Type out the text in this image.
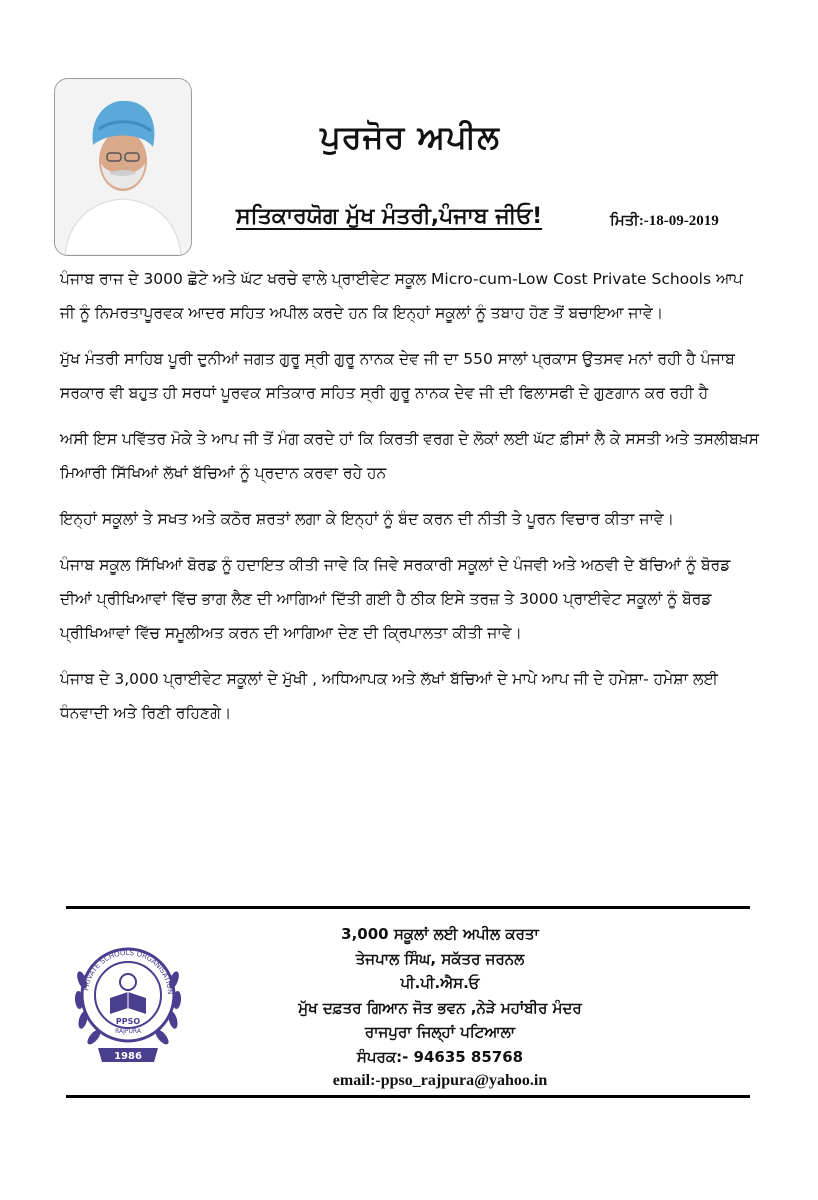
ਪੁਰਜੋਰ ਅਪੀਲ
ਸਤਿਕਾਰਯੋਗ ਮੁੱਖ ਮੰਤਰੀ,ਪੰਜਾਬ ਜੀਓ!	ਮਿਤੀ:-18-09-2019

ਪੰਜਾਬ ਰਾਜ ਦੇ 3000 ਛੋਟੇ ਅਤੇ ਘੱਟ ਖਰਚੇ ਵਾਲੇ ਪ੍ਰਾਈਵੇਟ ਸਕੂਲ Micro-cum-Low Cost Private Schools ਆਪ ਜੀ ਨੂੰ ਨਿਮਰਤਾਪੂਰਵਕ ਆਦਰ ਸਹਿਤ ਅਪੀਲ ਕਰਦੇ ਹਨ ਕਿ ਇਨ੍ਹਾਂ ਸਕੂਲਾਂ ਨੂੰ ਤਬਾਹ ਹੋਣ ਤੋਂ ਬਚਾਇਆ ਜਾਵੇ।

ਮੁੱਖ ਮੰਤਰੀ ਸਾਹਿਬ ਪੂਰੀ ਦੁਨੀਆਂ ਜਗਤ ਗੁਰੂ ਸ੍ਰੀ ਗੁਰੂ ਨਾਨਕ ਦੇਵ ਜੀ ਦਾ 550 ਸਾਲਾਂ ਪ੍ਰਕਾਸ ਉਤਸਵ ਮਨਾਂ ਰਹੀ ਹੈ ਪੰਜਾਬ ਸਰਕਾਰ ਵੀ ਬਹੁਤ ਹੀ ਸਰਧਾਂ ਪੂਰਵਕ ਸਤਿਕਾਰ ਸਹਿਤ ਸ੍ਰੀ ਗੁਰੂ ਨਾਨਕ ਦੇਵ ਜੀ ਦੀ ਫਿਲਾਸਫੀ ਦੇ ਗੁਣਗਾਨ ਕਰ ਰਹੀ ਹੈ

ਅਸੀ ਇਸ ਪਵਿੱਤਰ ਮੋਕੇ ਤੇ ਆਪ ਜੀ ਤੋਂ ਮੰਗ ਕਰਦੇ ਹਾਂ ਕਿ ਕਿਰਤੀ ਵਰਗ ਦੇ ਲੋਕਾਂ ਲਈ ਘੱਟ ਫ਼ੀਸਾਂ ਲੈ ਕੇ ਸਸਤੀ ਅਤੇ ਤਸਲੀਬਖ਼ਸ ਮਿਆਰੀ ਸਿੱਖਿਆਂ ਲੱਖਾਂ ਬੱਚਿਆਂ ਨੂੰ ਪ੍ਰਦਾਨ ਕਰਵਾ ਰਹੇ ਹਨ

ਇਨ੍ਹਾਂ ਸਕੂਲਾਂ ਤੇ ਸਖਤ ਅਤੇ ਕਠੋਰ ਸ਼ਰਤਾਂ ਲਗਾ ਕੇ ਇਨ੍ਹਾਂ ਨੂੰ ਬੰਦ ਕਰਨ ਦੀ ਨੀਤੀ ਤੇ ਪੂਰਨ ਵਿਚਾਰ ਕੀਤਾ ਜਾਵੇ।

ਪੰਜਾਬ ਸਕੂਲ ਸਿੱਖਿਆਂ ਬੋਰਡ ਨੂੰ ਹਦਾਇਤ ਕੀਤੀ ਜਾਵੇ ਕਿ ਜਿਵੇ ਸਰਕਾਰੀ ਸਕੂਲਾਂ ਦੇ ਪੰਜਵੀ ਅਤੇ ਅਠਵੀ ਦੇ ਬੱਚਿਆਂ ਨੂੰ ਬੋਰਡ ਦੀਆਂ ਪ੍ਰੀਖਿਆਵਾਂ ਵਿੱਚ ਭਾਗ ਲੈਣ ਦੀ ਆਗਿਆਂ ਦਿੱਤੀ ਗਈ ਹੈ ਠੀਕ ਇਸੇ ਤਰਜ਼ ਤੇ 3000 ਪ੍ਰਾਈਵੇਟ ਸਕੂਲਾਂ ਨੂੰ ਬੋਰਡ ਪ੍ਰੀਖਿਆਵਾਂ ਵਿੱਚ ਸਮੂਲੀਅਤ ਕਰਨ ਦੀ ਆਗਿਆ ਦੇਣ ਦੀ ਕ੍ਰਿਪਾਲਤਾ ਕੀਤੀ ਜਾਵੇ।

ਪੰਜਾਬ ਦੇ 3,000 ਪ੍ਰਾਈਵੇਟ ਸਕੂਲਾਂ ਦੇ ਮੁੱਖੀ , ਅਧਿਆਪਕ ਅਤੇ ਲੱਖਾਂ ਬੱਚਿਆਂ ਦੇ ਮਾਪੇ ਆਪ ਜੀ ਦੇ ਹਮੇਸ਼ਾ- ਹਮੇਸ਼ਾ ਲਈ ਧੰਨਵਾਦੀ ਅਤੇ ਰਿਣੀ ਰਹਿਣਗੇ।

PRIVATE SCHOOLS ORGANISATION
PPSO
RAJPURA
1986
3,000 ਸਕੂਲਾਂ ਲਈ ਅਪੀਲ ਕਰਤਾ
ਤੇਜਪਾਲ ਸਿੰਘ, ਸਕੱਤਰ ਜਰਨਲ
ਪੀ.ਪੀ.ਐਸ.ਓ
ਮੁੱਖ ਦਫ਼ਤਰ ਗਿਆਨ ਜੋਤ ਭਵਨ ,ਨੇੜੇ ਮਹਾਂਬੀਰ ਮੰਦਰ
ਰਾਜਪੁਰਾ ਜਿਲ੍ਹਾਂ ਪਟਿਆਲਾ
ਸੰਪਰਕ:- 94635 85768
email:-ppso_rajpura@yahoo.in
